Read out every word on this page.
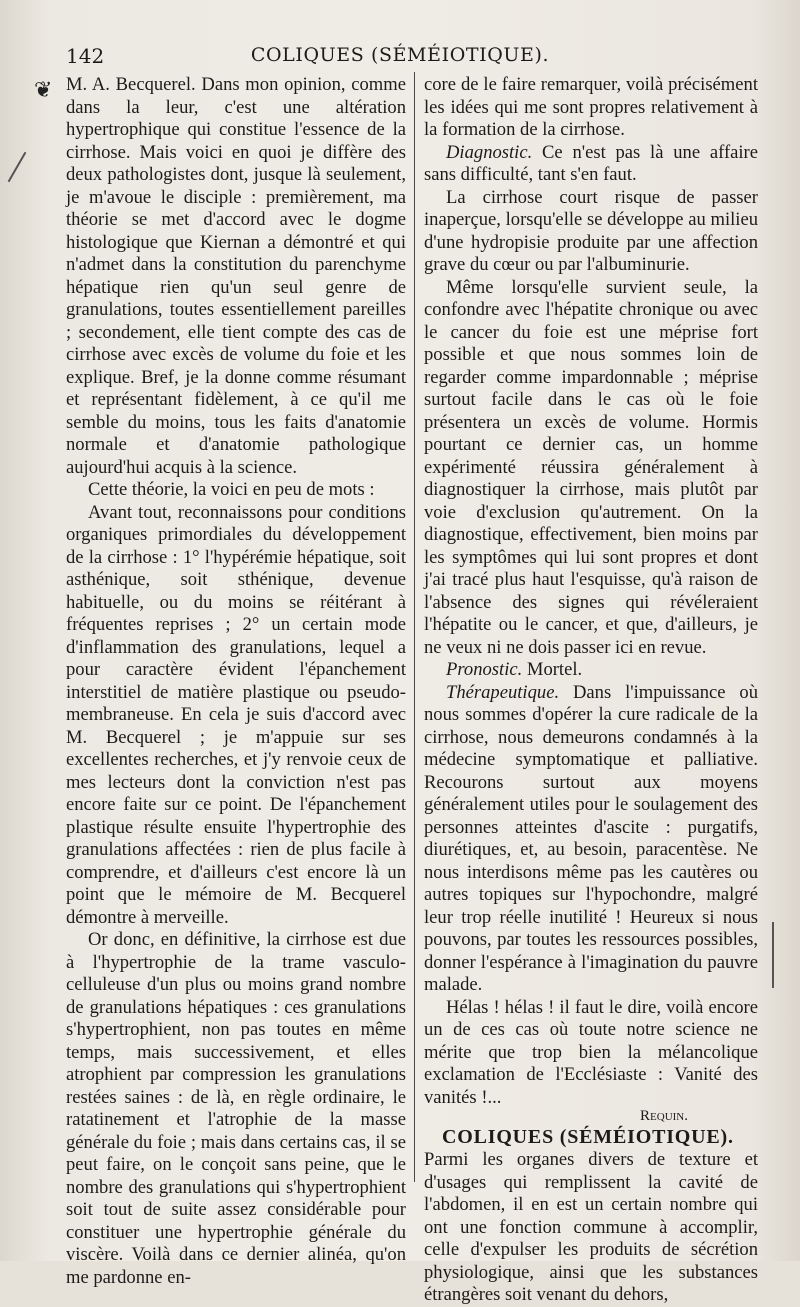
142	COLIQUES (SÉMÉIOTIQUE).
❦ M. A. Becquerel. Dans mon opinion, comme dans la leur, c'est une altération hypertrophique qui constitue l'essence de la cirrhose. Mais voici en quoi je diffère des deux pathologistes dont, jusque là seulement, je m'avoue le disciple : premièrement, ma théorie se met d'accord avec le dogme histologique que Kiernan a démontré et qui n'admet dans la constitution du parenchyme hépatique rien qu'un seul genre de granulations, toutes essentiellement pareilles ; secondement, elle tient compte des cas de cirrhose avec excès de volume du foie et les explique. Bref, je la donne comme résumant et représentant fidèlement, à ce qu'il me semble du moins, tous les faits d'anatomie normale et d'anatomie pathologique aujourd'hui acquis à la science.

Cette théorie, la voici en peu de mots :

Avant tout, reconnaissons pour conditions organiques primordiales du développement de la cirrhose : 1° l'hypérémie hépatique, soit asthénique, soit sthénique, devenue habituelle, ou du moins se réitérant à fréquentes reprises ; 2° un certain mode d'inflammation des granulations, lequel a pour caractère évident l'épanchement interstitiel de matière plastique ou pseudo-membraneuse. En cela je suis d'accord avec M. Becquerel ; je m'appuie sur ses excellentes recherches, et j'y renvoie ceux de mes lecteurs dont la conviction n'est pas encore faite sur ce point. De l'épanchement plastique résulte ensuite l'hypertrophie des granulations affectées : rien de plus facile à comprendre, et d'ailleurs c'est encore là un point que le mémoire de M. Becquerel démontre à merveille.

Or donc, en définitive, la cirrhose est due à l'hypertrophie de la trame vasculo-celluleuse d'un plus ou moins grand nombre de granulations hépatiques : ces granulations s'hypertrophient, non pas toutes en même temps, mais successivement, et elles atrophient par compression les granulations restées saines : de là, en règle ordinaire, le ratatinement et l'atrophie de la masse générale du foie ; mais dans certains cas, il se peut faire, on le conçoit sans peine, que le nombre des granulations qui s'hypertrophient soit tout de suite assez considérable pour constituer une hypertrophie générale du viscère. Voilà dans ce dernier alinéa, qu'on me pardonne en-

core de le faire remarquer, voilà précisément les idées qui me sont propres relativement à la formation de la cirrhose.

Diagnostic. Ce n'est pas là une affaire sans difficulté, tant s'en faut.

La cirrhose court risque de passer inaperçue, lorsqu'elle se développe au milieu d'une hydropisie produite par une affection grave du cœur ou par l'albuminurie.

Même lorsqu'elle survient seule, la confondre avec l'hépatite chronique ou avec le cancer du foie est une méprise fort possible et que nous sommes loin de regarder comme impardonnable ; méprise surtout facile dans le cas où le foie présentera un excès de volume. Hormis pourtant ce dernier cas, un homme expérimenté réussira généralement à diagnostiquer la cirrhose, mais plutôt par voie d'exclusion qu'autrement. On la diagnostique, effectivement, bien moins par les symptômes qui lui sont propres et dont j'ai tracé plus haut l'esquisse, qu'à raison de l'absence des signes qui révéleraient l'hépatite ou le cancer, et que, d'ailleurs, je ne veux ni ne dois passer ici en revue.

Pronostic. Mortel.

Thérapeutique. Dans l'impuissance où nous sommes d'opérer la cure radicale de la cirrhose, nous demeurons condamnés à la médecine symptomatique et palliative. Recourons surtout aux moyens généralement utiles pour le soulagement des personnes atteintes d'ascite : purgatifs, diurétiques, et, au besoin, paracentèse. Ne nous interdisons même pas les cautères ou autres topiques sur l'hypochondre, malgré leur trop réelle inutilité ! Heureux si nous pouvons, par toutes les ressources possibles, donner l'espérance à l'imagination du pauvre malade.

Hélas ! hélas ! il faut le dire, voilà encore un de ces cas où toute notre science ne mérite que trop bien la mélancolique exclamation de l'Ecclésiaste : Vanité des vanités !...

Requin.

COLIQUES (SÉMÉIOTIQUE).

Parmi les organes divers de texture et d'usages qui remplissent la cavité de l'abdomen, il en est un certain nombre qui ont une fonction commune à accomplir, celle d'expulser les produits de sécrétion physiologique, ainsi que les substances étrangères soit venant du dehors,
